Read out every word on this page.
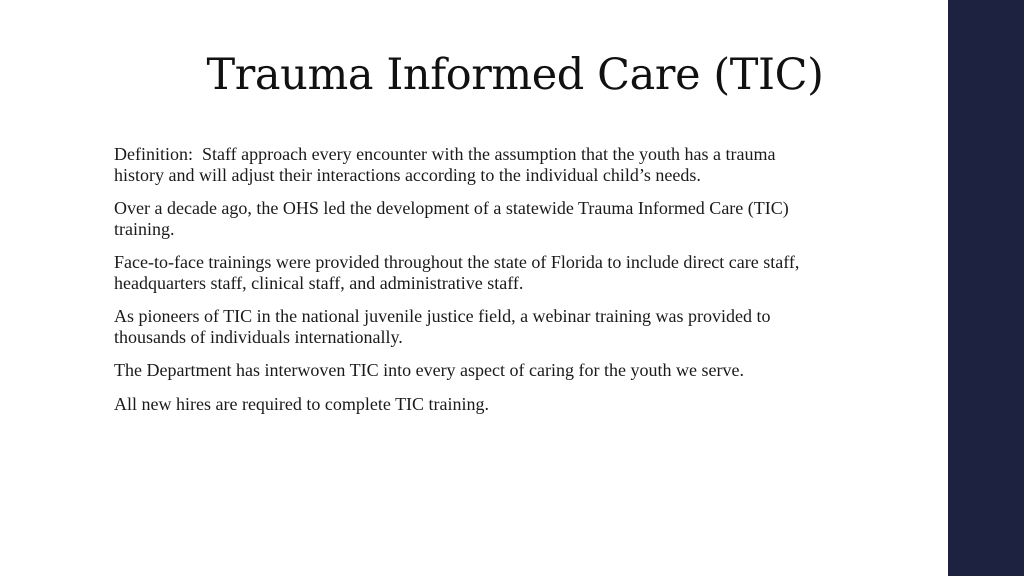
Trauma Informed Care (TIC)

Definition:  Staff approach every encounter with the assumption that the youth has a trauma history and will adjust their interactions according to the individual child’s needs.

Over a decade ago, the OHS led the development of a statewide Trauma Informed Care (TIC) training.

Face-to-face trainings were provided throughout the state of Florida to include direct care staff, headquarters staff, clinical staff, and administrative staff.

As pioneers of TIC in the national juvenile justice field, a webinar training was provided to thousands of individuals internationally.

The Department has interwoven TIC into every aspect of caring for the youth we serve.

All new hires are required to complete TIC training.
